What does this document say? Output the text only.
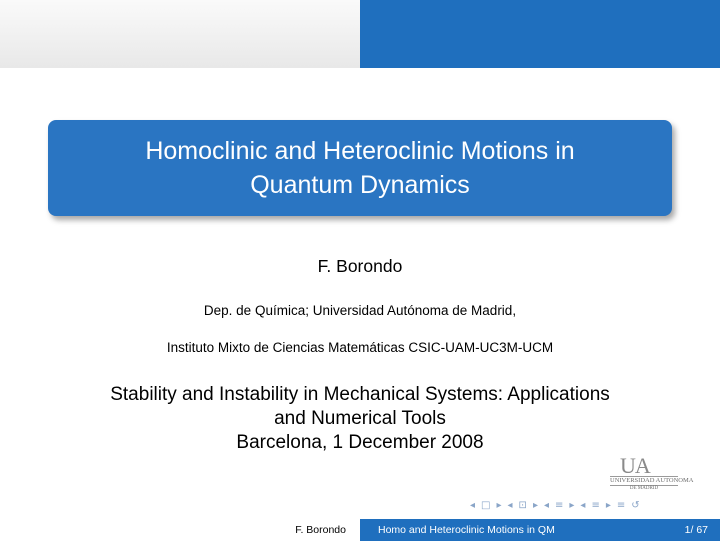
Homoclinic and Heteroclinic Motions in
Quantum Dynamics
F. Borondo
Dep. de Química; Universidad Autónoma de Madrid,
Instituto Mixto de Ciencias Matemáticas CSIC-UAM-UC3M-UCM
Stability and Instability in Mechanical Systems: Applications
and Numerical Tools
Barcelona, 1 December 2008
UA
UNIVERSIDAD AUTONOMA
DE MADRID
◂ □ ▸ ◂ ⊡ ▸ ◂ ≡ ▸ ◂ ≡ ▸ ≡ ↺
F. Borondo	Homo and Heteroclinic Motions in QM	1/ 67
